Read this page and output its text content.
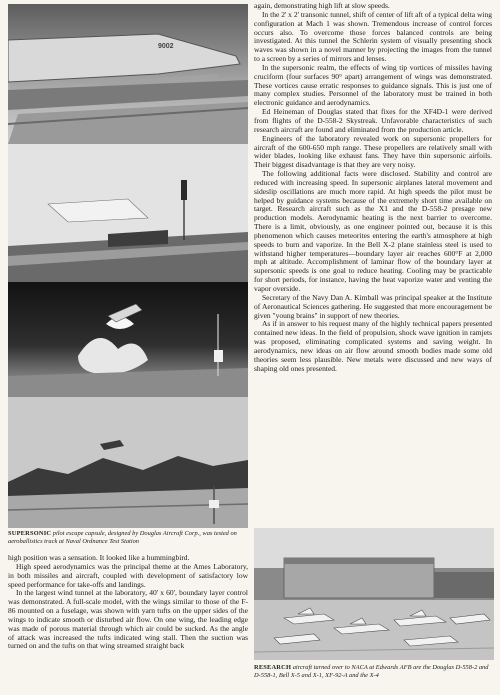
9002
SUPERSONIC pilot escape capsule, designed by Douglas Aircraft Corp., was tested on aeroballistics track at Naval Ordnance Test Station

high position was a sensation. It looked like a hummingbird.

High speed aerodynamics was the principal theme at the Ames Laboratory, in both missiles and aircraft, coupled with development of satisfactory low speed performance for take-offs and landings.

In the largest wind tunnel at the laboratory, 40' x 60', boundary layer control was demonstrated. A full-scale model, with the wings similar to those of the F-86 mounted on a fuselage, was shown with yarn tufts on the upper sides of the wings to indicate smooth or disturbed air flow. On one wing, the leading edge was made of porous material through which air could be sucked. As the angle of attack was increased the tufts indicated wing stall. Then the suction was turned on and the tufts on that wing streamed straight back

again, demonstrating high lift at slow speeds.

In the 2' x 2' transonic tunnel, shift of center of lift aft of a typical delta wing configuration at Mach 1 was shown. Tremendous increase of control forces occurs also. To overcome those forces balanced controls are being investigated. At this tunnel the Schlerin system of visually presenting shock waves was shown in a novel manner by projecting the images from the tunnel to a screen by a series of mirrors and lenses.

In the supersonic realm, the effects of wing tip vortices of missiles having cruciform (four surfaces 90° apart) arrangement of wings was demonstrated. These vortices cause erratic responses to guidance signals. This is just one of many complex studies. Personnel of the laboratory must be trained in both electronic guidance and aerodynamics.

Ed Heineman of Douglas stated that fixes for the XF4D-1 were derived from flights of the D-558-2 Skystreak. Unfavorable characteristics of such research aircraft are found and eliminated from the production article.

Engineers of the laboratory revealed work on supersonic propellers for aircraft of the 600-650 mph range. These propellers are relatively small with wider blades, looking like exhaust fans. They have thin supersonic airfoils. Their biggest disadvantage is that they are very noisy.

The following additional facts were disclosed. Stability and control are reduced with increasing speed. In supersonic airplanes lateral movement and sideslip oscillations are much more rapid. At high speeds the pilot must be helped by guidance systems because of the extremely short time available on target. Research aircraft such as the X1 and the D-558-2 presage new production models. Aerodynamic heating is the next barrier to overcome. There is a limit, obviously, as one engineer pointed out, because it is this phenomenon which causes meteorites entering the earth's atmosphere at high speeds to burn and vaporize. In the Bell X-2 plane stainless steel is used to withstand higher temperatures—boundary layer air reaches 600°F at 2,000 mph at altitude. Accomplishment of laminar flow of the boundary layer at supersonic speeds is one goal to reduce heating. Cooling may be practicable for short periods, for instance, having the heat vaporize water and venting the vapor overside.

Secretary of the Navy Dan A. Kimball was principal speaker at the Institute of Aeronautical Sciences gathering. He suggested that more encouragement be given "young brains" in support of new theories.

As if in answer to his request many of the highly technical papers presented contained new ideas. In the field of propulsion, shock wave ignition in ramjets was proposed, eliminating complicated systems and saving weight. In aerodynamics, new ideas on air flow around smooth bodies made some old theories seem less plausible. New metals were discussed and new ways of shaping old ones presented.

RESEARCH aircraft turned over to NACA at Edwards AFB are the Douglas D-558-2 and D-558-1, Bell X-5 and X-1, XF-92-A and the X-4
